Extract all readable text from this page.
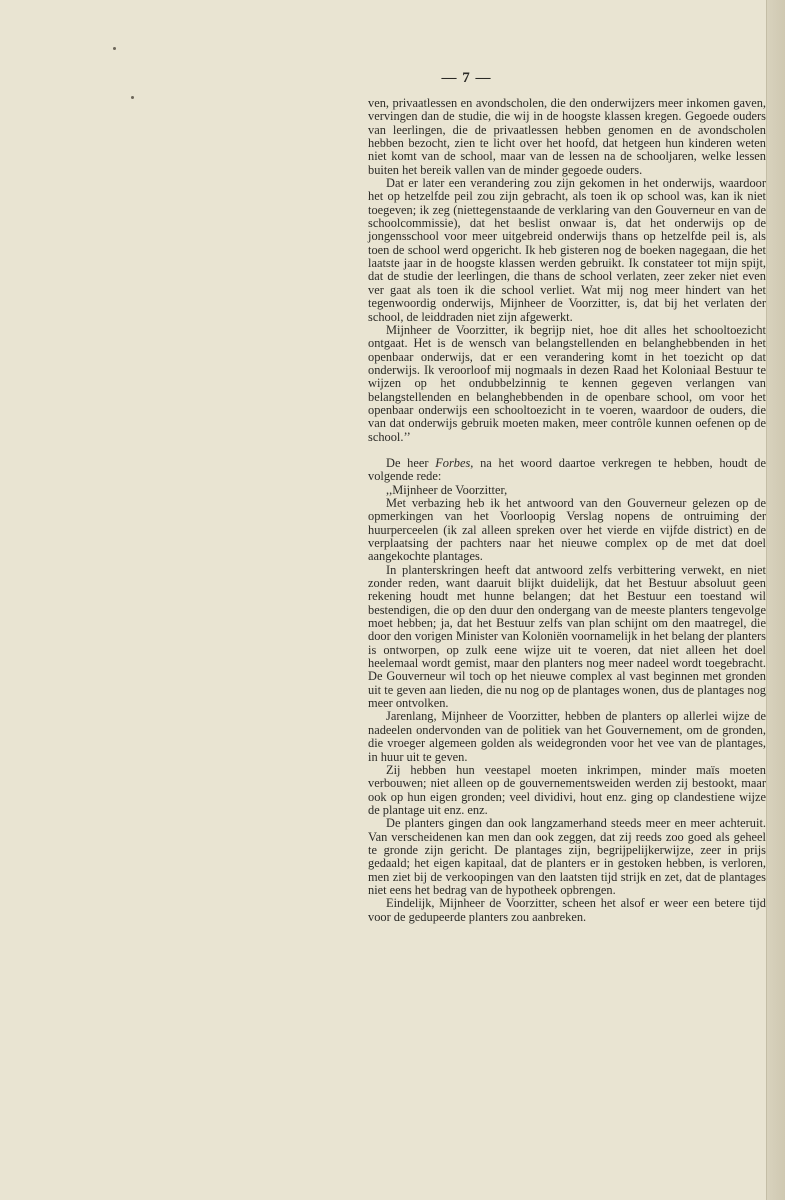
— 7 —

ven, privaatlessen en avondscholen, die den onderwijzers meer inkomen gaven, vervingen dan de studie, die wij in de hoogste klassen kregen. Gegoede ouders van leerlingen, die de privaatlessen hebben genomen en de avondscholen hebben bezocht, zien te licht over het hoofd, dat hetgeen hun kinderen weten niet komt van de school, maar van de lessen na de schooljaren, welke lessen buiten het bereik vallen van de minder gegoede ouders.

Dat er later een verandering zou zijn gekomen in het onderwijs, waardoor het op hetzelfde peil zou zijn gebracht, als toen ik op school was, kan ik niet toegeven; ik zeg (niettegenstaande de verklaring van den Gouverneur en van de schoolcommissie), dat het beslist onwaar is, dat het onderwijs op de jongensschool voor meer uitgebreid onderwijs thans op hetzelfde peil is, als toen de school werd opgericht. Ik heb gisteren nog de boeken nagegaan, die het laatste jaar in de hoogste klassen werden gebruikt. Ik constateer tot mijn spijt, dat de studie der leerlingen, die thans de school verlaten, zeer zeker niet even ver gaat als toen ik die school verliet. Wat mij nog meer hindert van het tegenwoordig onderwijs, Mijnheer de Voorzitter, is, dat bij het verlaten der school, de leiddraden niet zijn afgewerkt.

Mijnheer de Voorzitter, ik begrijp niet, hoe dit alles het schooltoezicht ontgaat. Het is de wensch van belangstellenden en belanghebbenden in het openbaar onderwijs, dat er een verandering komt in het toezicht op dat onderwijs. Ik veroorloof mij nogmaals in dezen Raad het Koloniaal Bestuur te wijzen op het ondubbelzinnig te kennen gegeven verlangen van belangstellenden en belanghebbenden in de openbare school, om voor het openbaar onderwijs een schooltoezicht in te voeren, waardoor de ouders, die van dat onderwijs gebruik moeten maken, meer contrôle kunnen oefenen op de school.’’

De heer Forbes, na het woord daartoe verkregen te hebben, houdt de volgende rede:

,,Mijnheer de Voorzitter,

Met verbazing heb ik het antwoord van den Gouverneur gelezen op de opmerkingen van het Voorloopig Verslag nopens de ontruiming der huurperceelen (ik zal alleen spreken over het vierde en vijfde district) en de verplaatsing der pachters naar het nieuwe complex op de met dat doel aangekochte plantages.

In planterskringen heeft dat antwoord zelfs verbittering verwekt, en niet zonder reden, want daaruit blijkt duidelijk, dat het Bestuur absoluut geen rekening houdt met hunne belangen; dat het Bestuur een toestand wil bestendigen, die op den duur den ondergang van de meeste planters tengevolge moet hebben; ja, dat het Bestuur zelfs van plan schijnt om den maatregel, die door den vorigen Minister van Koloniën voornamelijk in het belang der planters is ontworpen, op zulk eene wijze uit te voeren, dat niet alleen het doel heelemaal wordt gemist, maar den planters nog meer nadeel wordt toegebracht. De Gouverneur wil toch op het nieuwe complex al vast beginnen met gronden uit te geven aan lieden, die nu nog op de plantages wonen, dus de plantages nog meer ontvolken.

Jarenlang, Mijnheer de Voorzitter, hebben de planters op allerlei wijze de nadeelen ondervonden van de politiek van het Gouvernement, om de gronden, die vroeger algemeen golden als weidegronden voor het vee van de plantages, in huur uit te geven.

Zij hebben hun veestapel moeten inkrimpen, minder maïs moeten verbouwen; niet alleen op de gouvernementsweiden werden zij bestookt, maar ook op hun eigen gronden; veel dividivi, hout enz. ging op clandestiene wijze de plantage uit enz. enz.

De planters gingen dan ook langzamerhand steeds meer en meer achteruit. Van verscheidenen kan men dan ook zeggen, dat zij reeds zoo goed als geheel te gronde zijn gericht. De plantages zijn, begrijpelijkerwijze, zeer in prijs gedaald; het eigen kapitaal, dat de planters er in gestoken hebben, is verloren, men ziet bij de verkoopingen van den laatsten tijd strijk en zet, dat de plantages niet eens het bedrag van de hypotheek opbrengen.

Eindelijk, Mijnheer de Voorzitter, scheen het alsof er weer een betere tijd voor de gedupeerde planters zou aanbreken.
